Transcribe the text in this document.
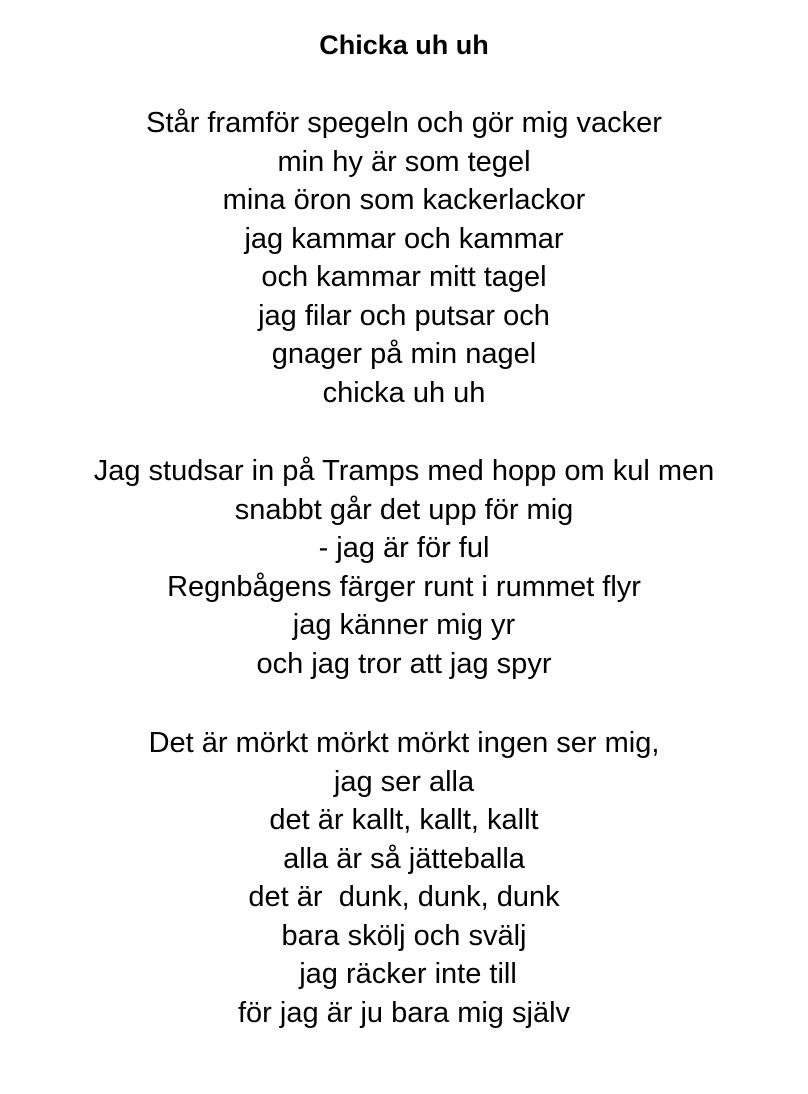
Chicka uh uh
Står framför spegeln och gör mig vacker
min hy är som tegel
mina öron som kackerlackor
jag kammar och kammar
och kammar mitt tagel
jag filar och putsar och
gnager på min nagel
chicka uh uh
Jag studsar in på Tramps med hopp om kul men
snabbt går det upp för mig
- jag är för ful
Regnbågens färger runt i rummet flyr
jag känner mig yr
och jag tror att jag spyr
Det är mörkt mörkt mörkt ingen ser mig,
jag ser alla
det är kallt, kallt, kallt
alla är så jätteballa
det är  dunk, dunk, dunk
bara skölj och svälj
jag räcker inte till
för jag är ju bara mig själv
